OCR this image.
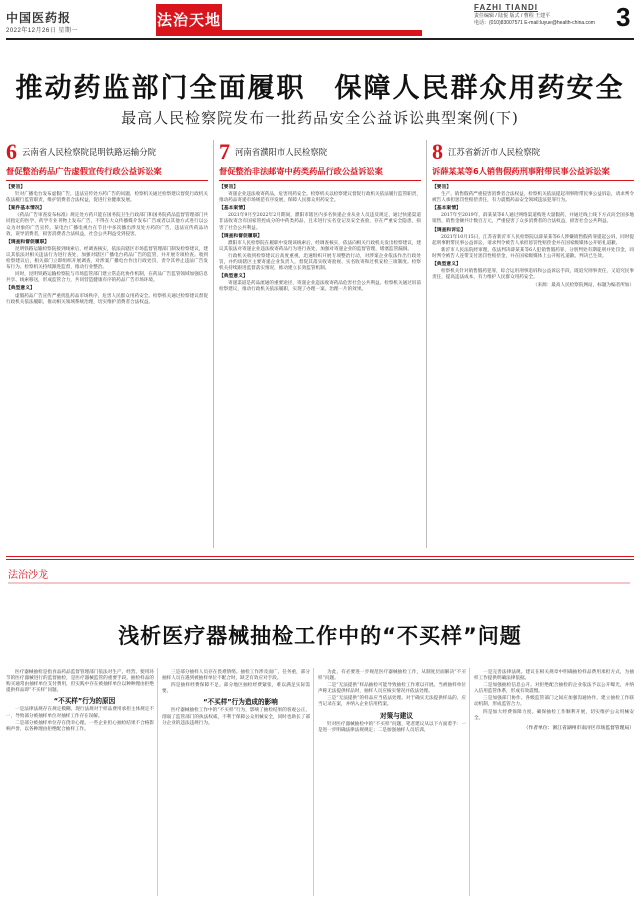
中国医药报
2022年12月26日 星期一
法治天地
FAZHI TIANDI
责任编辑 / 陆悦 版式 / 曹程 王建平
电话：(010)83007571 E-mail:luyue@health-china.com 3
推动药监部门全面履职　保障人民群众用药安全
最高人民检察院发布一批药品安全公益诉讼典型案例(下)
6 云南省人民检察院昆明铁路运输分院
督促整治药品广告虚假宣传行政公益诉讼案

【要旨】

针对广播电台发布虚假广告，违法宣传处方药广告的问题，检察机关通过检察建议督促行政机关依法履行监管职责，维护消费者合法权益，促进行业健康发展。

【案件基本情况】

《药品广告审查发布标准》规定处方药只能在国务院卫生行政部门和国务院药品监督管理部门共同指定的医学、药学专业刊物上发布广告，不得在大众传播媒介发布广告或者以其他方式进行以公众为对象的广告宣传。某电台广播电视台在节目中多次播出涉及处方药的广告，违法宣传药品功效，误导消费者，损害消费者合法权益，社会公共利益受到侵害。

【调查和督促履职】

昆明铁路运输检察院接到线索后，经调查核实，依法向辖区市场监督管理部门制发检察建议，建议其依法对相关违法行为进行查处，加强对辖区广播电台药品广告的监管，并开展专项检查。收到检察建议后，相关部门立即组织开展调查，对涉案广播电台作出行政处罚，责令其停止违法广告发布行为。检察机关持续跟进监督，推动行业整治。

同时，昆明铁路运输检察院与市场监管部门建立常态化协作机制，在药品广告监管领域加强信息共享、线索移送，形成监管合力，共同营造健康有序的药品广告市场环境。

【典型意义】

虚假药品广告宣传严重扰乱药品市场秩序，危害人民群众用药安全。检察机关通过检察建议督促行政机关依法履职，推动相关领域系统治理，切实维护消费者合法权益。

7 河南省濮阳市人民检察院
督促整治非法邮寄中药类药品行政公益诉讼案

【要旨】

寄递企业违法收寄药品，危害用药安全。检察机关以检察建议督促行政机关依法履行监管职责，推动药品寄递市场规范有序发展，保障人民群众用药安全。

【基本案情】

2021年9月至2022年2月期间，濮阳市辖区内多名快递企业从业人员违反规定，通过快递渠道非法收寄含有国家管控成分的中药类药品，且未进行实名登记及安全查验，存在严重安全隐患，损害了社会公共利益。

【调查和督促履职】

濮阳市人民检察院在履职中发现该线索后，经调查核实，依法向相关行政机关发出检察建议，建议其依法对寄递企业违法收寄药品行为进行查处，加强对寄递企业的监督管理，堵塞监管漏洞。

行政机关收到检察建议后高度重视，迅速组织开展专项整治行动，对涉案企业依法作出行政处罚，并约谈辖区主要寄递企业负责人，督促其落实收寄验视、实名收寄和过机安检三项制度。检察机关持续跟进监督落实情况，推动建立长效监管机制。

【典型意义】

寄递渠道是药品流通的重要途径，寄递企业违法收寄药品危害社会公共利益。检察机关通过诉前检察建议，推动行政机关依法履职，实现了办理一案、治理一片的效果。

8 江苏省新沂市人民检察院
诉薛某某等6人销售假药刑事附带民事公益诉讼案

【要旨】

生产、销售假药严重侵害消费者合法权益，检察机关依法提起刑事附带民事公益诉讼，请求判令被告人承担惩罚性赔偿责任，有力震慑药品安全领域违法犯罪行为。

【基本案情】

2017年至2019年，薛某某等6人通过网络渠道购进大量假药，并通过线上线下方式向全国多地销售，销售金额共计数百万元，严重侵害了众多消费者的合法权益，损害社会公共利益。

【调查和诉讼】

2021年10月15日，江苏省新沂市人民检察院以薛某某等6人涉嫌销售假药罪提起公诉，同时提起刑事附带民事公益诉讼，请求判令被告人承担惩罚性赔偿金并在国家级媒体公开赔礼道歉。

新沂市人民法院经审理，依法判决薛某某等6人犯销售假药罪，分别判处有期徒刑并处罚金，同时判令被告人连带支付惩罚性赔偿金，并在国家级媒体上公开赔礼道歉。判决已生效。

【典型意义】

检察机关针对销售假药犯罪，综合运用刑事追诉和公益诉讼手段，既追究刑事责任，又追究民事责任，提高违法成本，有力维护人民群众用药安全。

（来源：最高人民检察院网站，标题为编者所加）
法治沙龙
浅析医疗器械抽检工作中的“不买样”问题

医疗器械抽检是指食品药品监督管理部门依法对生产、经营、使用环节的医疗器械进行的监督抽检，是医疗器械监管的重要手段。抽检样品的购买通常由抽样单位支付费用，但实践中存在被抽样单位以种种理由拒绝提供样品即“不买样”问题。

“不买样”行为的原因

一是法律法规存在规定模糊。现行法规对于样品费用承担主体规定不一，导致部分被抽样单位对抽样工作存在误解。

二是部分被抽样单位存在侥幸心理。一些企业担心抽检结果不合格影响声誉，以各种理由拒绝配合抽样工作。

三是部分抽样人员存在畏难情绪。抽检工作涉及面广、任务重，部分抽样人员在遇到被抽样单位不配合时，缺乏有效应对手段。

四是抽样经费保障不足。部分地区抽检经费紧张，难以满足实际需要。

“不买样”行为造成的影响

医疗器械抽检工作中的“不买样”行为，影响了抽检结果的客观公正，削弱了监管部门的执法权威，不利于保障公众用械安全，同时也助长了部分企业的违法违规行为。

为此，有必要进一步规范医疗器械抽检工作，从制度层面解决“不买样”问题。

二是“无法提供”样品抽检可能导致抽检工作难以开展。当被抽样单位声称无法提供样品时，抽样人员应核实情况并依法处理。

三是“无法提供”的样品应当依法处理。对于确实无法提供样品的，应当记录在案，并纳入企业信用档案。

对策与建议

针对医疗器械抽检中的“不买样”问题，笔者建议从以下方面着手：一是进一步明确法律法规规定；二是加强抽样人员培训。

一是完善法律法规。建议在相关规章中明确抽检样品费用承担方式，为抽样工作提供明确法律依据。

二是加强抽检信息公开。对拒绝配合抽检的企业依法予以公开曝光，并纳入信用监管体系，形成有效震慑。

三是加强部门协作。各级监管部门之间应加强沟通协作，建立抽检工作联动机制，形成监管合力。

四是加大经费保障力度。确保抽检工作顺利开展，切实维护公众用械安全。

（作者单位：浙江省湖州市南浔区市场监督管理局）
